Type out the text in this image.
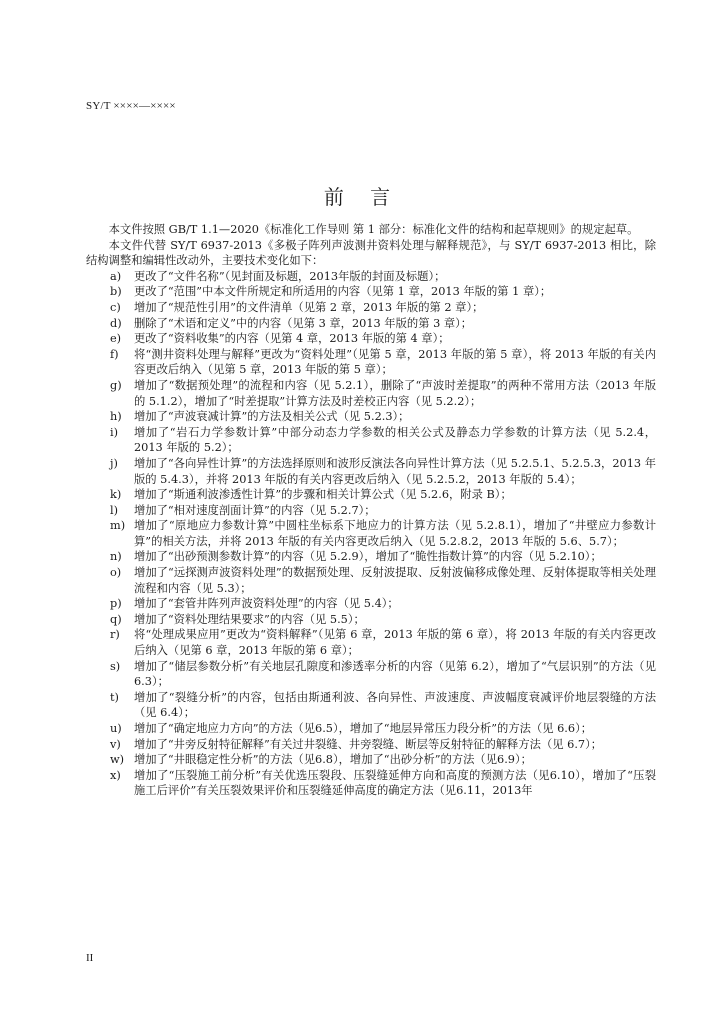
SY/T ××××—××××
前 言

本文件按照 GB/T 1.1—2020《标准化工作导则 第 1 部分：标准化文件的结构和起草规则》的规定起草。

本文件代替 SY/T 6937-2013《多极子阵列声波测井资料处理与解释规范》，与 SY/T 6937-2013 相比，除结构调整和编辑性改动外，主要技术变化如下：

a)	更改了“文件名称”（见封面及标题，2013年版的封面及标题）；
b)	更改了“范围”中本文件所规定和所适用的内容（见第 1 章，2013 年版的第 1 章）；
c)	增加了“规范性引用”的文件清单（见第 2 章，2013 年版的第 2 章）；
d)	删除了“术语和定义”中的内容（见第 3 章，2013 年版的第 3 章）；
e)	更改了“资料收集”的内容（见第 4 章，2013 年版的第 4 章）；
f)	将“测井资料处理与解释”更改为“资料处理”（见第 5 章，2013 年版的第 5 章），将 2013 年版的有关内容更改后纳入（见第 5 章，2013 年版的第 5 章）；
g)	增加了“数据预处理”的流程和内容（见 5.2.1），删除了“声波时差提取”的两种不常用方法（2013 年版的 5.1.2），增加了“时差提取”计算方法及时差校正内容（见 5.2.2）；
h)	增加了“声波衰减计算”的方法及相关公式（见 5.2.3）；
i)	增加了“岩石力学参数计算”中部分动态力学参数的相关公式及静态力学参数的计算方法（见 5.2.4，2013 年版的 5.2）；
j)	增加了“各向异性计算”的方法选择原则和波形反演法各向异性计算方法（见 5.2.5.1、5.2.5.3，2013 年版的 5.4.3），并将 2013 年版的有关内容更改后纳入（见 5.2.5.2，2013 年版的 5.4）；
k)	增加了“斯通利波渗透性计算”的步骤和相关计算公式（见 5.2.6，附录 B）；
l)	增加了“相对速度剖面计算”的内容（见 5.2.7）；
m) 增加了“原地应力参数计算”中圆柱坐标系下地应力的计算方法（见 5.2.8.1），增加了“井壁应力参数计算”的相关方法，并将 2013 年版的有关内容更改后纳入（见 5.2.8.2，2013 年版的 5.6、5.7）；
n)	增加了“出砂预测参数计算”的内容（见 5.2.9），增加了“脆性指数计算”的内容（见 5.2.10）；
o)	增加了“远探测声波资料处理”的数据预处理、反射波提取、反射波偏移成像处理、反射体提取等相关处理流程和内容（见 5.3）；
p)	增加了“套管井阵列声波资料处理”的内容（见 5.4）；
q)	增加了“资料处理结果要求”的内容（见 5.5）；
r)	将“处理成果应用”更改为“资料解释”（见第 6 章，2013 年版的第 6 章），将 2013 年版的有关内容更改后纳入（见第 6 章，2013 年版的第 6 章）；
s)	增加了“储层参数分析”有关地层孔隙度和渗透率分析的内容（见第 6.2），增加了“气层识别”的方法（见 6.3）；
t)	增加了“裂缝分析”的内容，包括由斯通利波、各向异性、声波速度、声波幅度衰减评价地层裂缝的方法（见 6.4）；
u)	增加了“确定地应力方向”的方法（见6.5），增加了“地层异常压力段分析”的方法（见 6.6）；
v)	增加了“井旁反射特征解释”有关过井裂缝、井旁裂缝、断层等反射特征的解释方法（见 6.7）；
w) 增加了“井眼稳定性分析”的方法（见6.8），增加了“出砂分析”的方法（见6.9）；
x)	增加了“压裂施工前分析”有关优选压裂段、压裂缝延伸方向和高度的预测方法（见6.10），增加了“压裂施工后评价”有关压裂效果评价和压裂缝延伸高度的确定方法（见6.11，2013年
II
